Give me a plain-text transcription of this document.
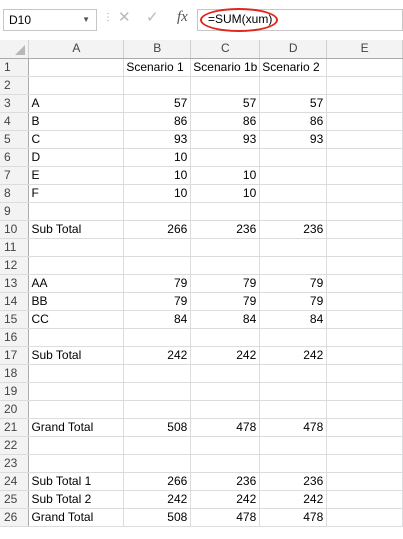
D10	▼ ⋮ ✕ ✓ fx =SUM(xum)
	A	B	C	D	E
1		Scenario 1	Scenario 1b	Scenario 2	
2					
3	A	57	57	57	
4	B	86	86	86	
5	C	93	93	93	
6	D	10			
7	E	10	10		
8	F	10	10		
9					
10	Sub Total	266	236	236	
11					
12					
13	AA	79	79	79	
14	BB	79	79	79	
15	CC	84	84	84	
16					
17	Sub Total	242	242	242	
18					
19					
20					
21	Grand Total	508	478	478	
22					
23					
24	Sub Total 1	266	236	236	
25	Sub Total 2	242	242	242	
26	Grand Total	508	478	478	
